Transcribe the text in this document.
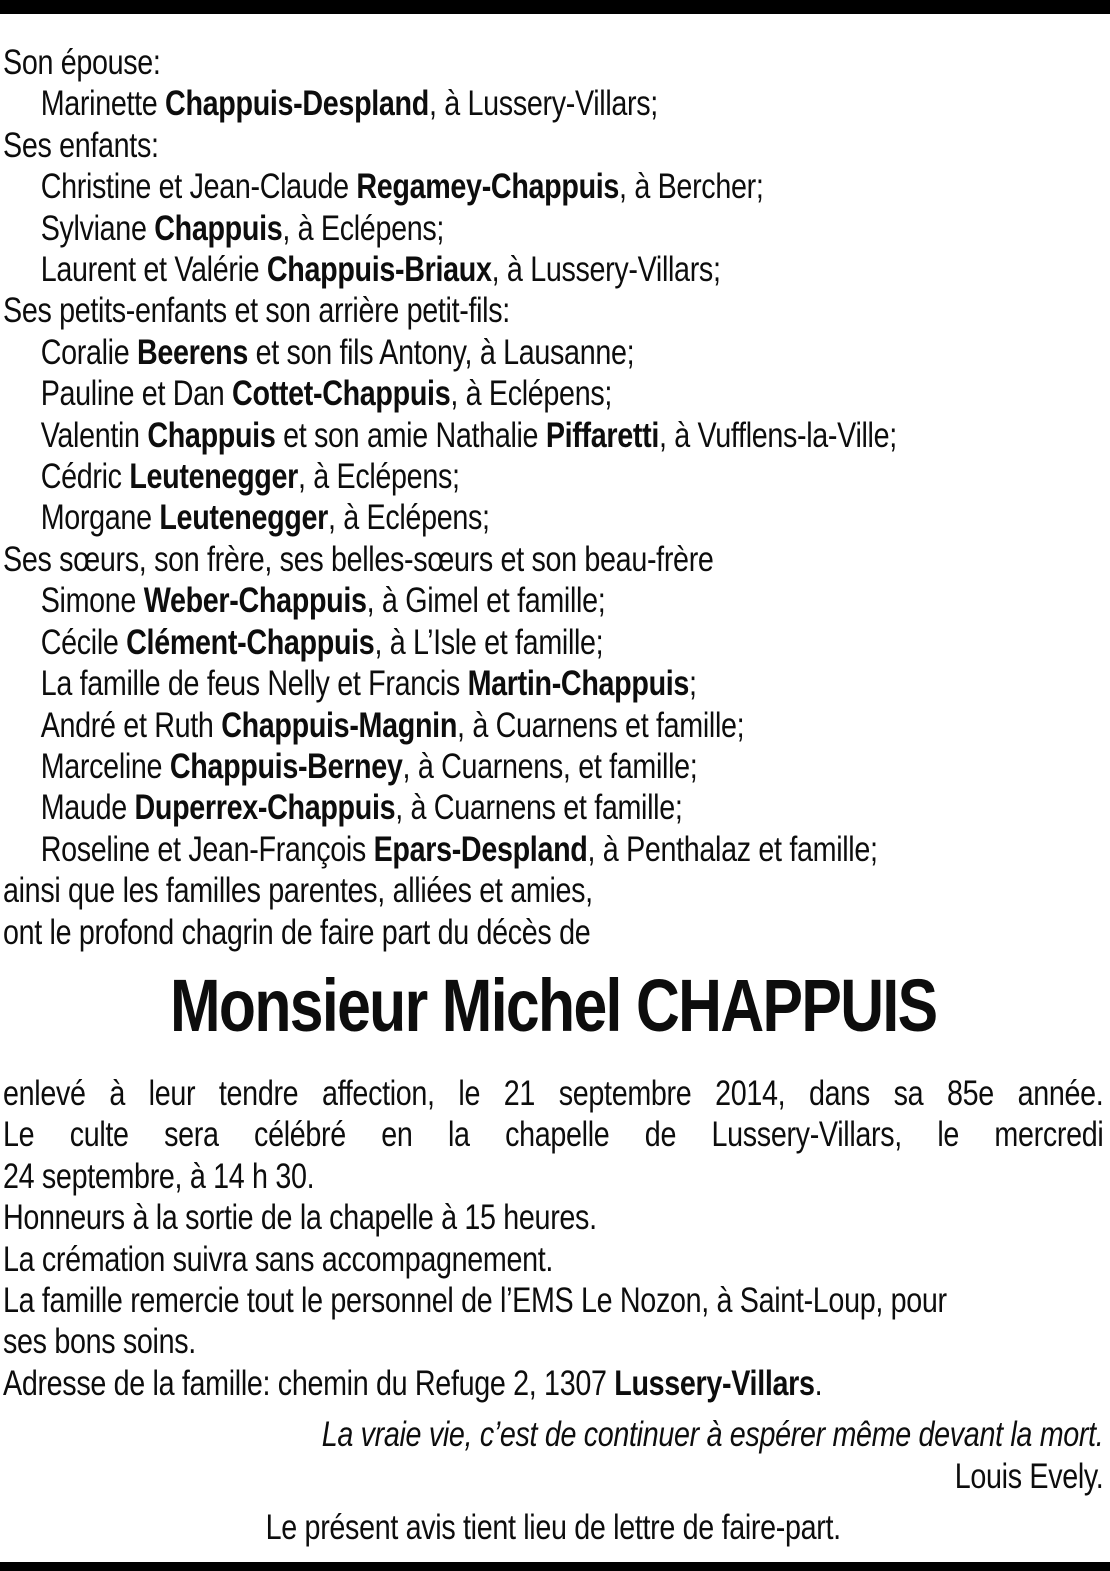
Son épouse:
Marinette Chappuis-Despland, à Lussery-Villars;
Ses enfants:
Christine et Jean-Claude Regamey-Chappuis, à Bercher;
Sylviane Chappuis, à Eclépens;
Laurent et Valérie Chappuis-Briaux, à Lussery-Villars;
Ses petits-enfants et son arrière petit-fils:
Coralie Beerens et son fils Antony, à Lausanne;
Pauline et Dan Cottet-Chappuis, à Eclépens;
Valentin Chappuis et son amie Nathalie Piffaretti, à Vufflens-la-Ville;
Cédric Leutenegger, à Eclépens;
Morgane Leutenegger, à Eclépens;
Ses sœurs, son frère, ses belles-sœurs et son beau-frère
Simone Weber-Chappuis, à Gimel et famille;
Cécile Clément-Chappuis, à L’Isle et famille;
La famille de feus Nelly et Francis Martin-Chappuis;
André et Ruth Chappuis-Magnin, à Cuarnens et famille;
Marceline Chappuis-Berney, à Cuarnens, et famille;
Maude Duperrex-Chappuis, à Cuarnens et famille;
Roseline et Jean-François Epars-Despland, à Penthalaz et famille;
ainsi que les familles parentes, alliées et amies,
ont le profond chagrin de faire part du décès de
Monsieur Michel CHAPPUIS
enlevé à leur tendre affection, le 21 septembre 2014, dans sa 85e année.
Le culte sera célébré en la chapelle de Lussery-Villars, le mercredi
24 septembre, à 14 h 30.
Honneurs à la sortie de la chapelle à 15 heures.
La crémation suivra sans accompagnement.
La famille remercie tout le personnel de l’EMS Le Nozon, à Saint-Loup, pour
ses bons soins.
Adresse de la famille: chemin du Refuge 2, 1307 Lussery-Villars.
La vraie vie, c’est de continuer à espérer même devant la mort.
Louis Evely.
Le présent avis tient lieu de lettre de faire-part.
